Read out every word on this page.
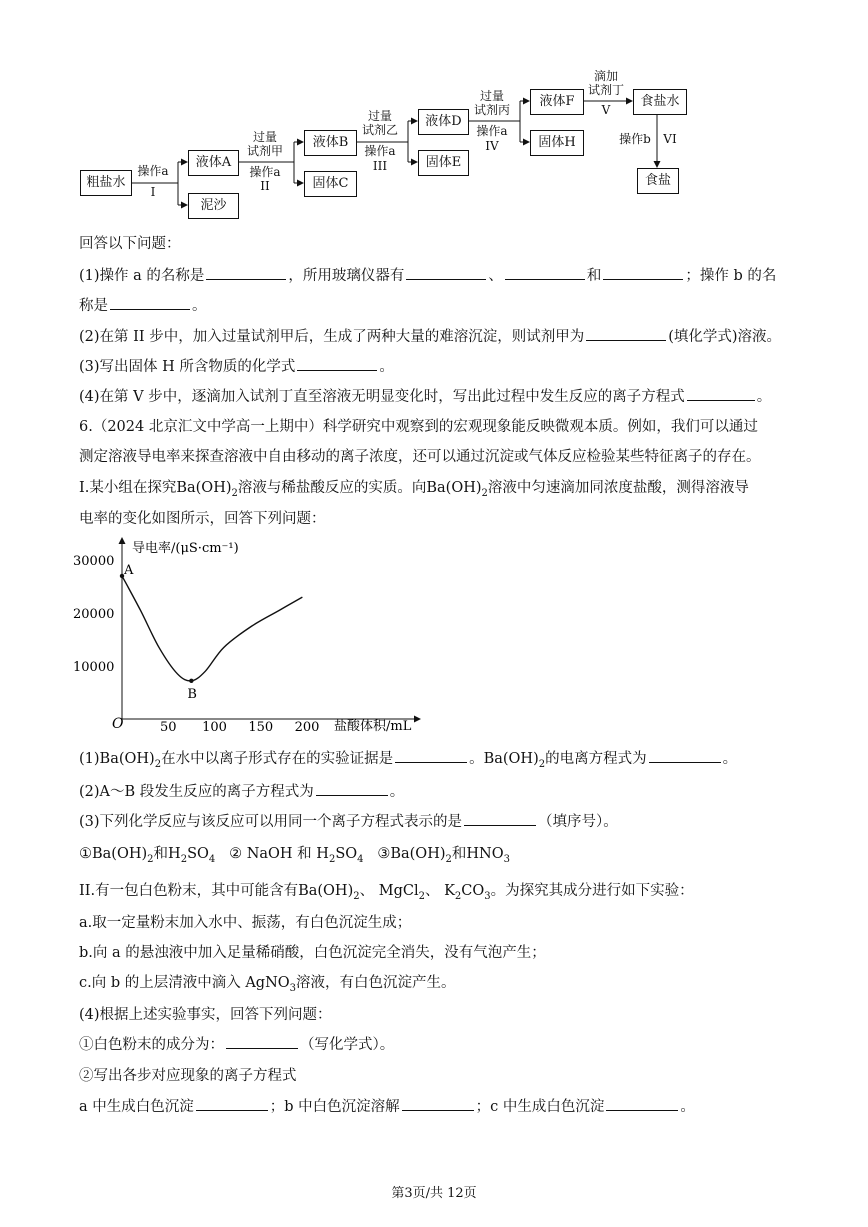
粗盐水
液体A
泥沙
液体B
固体C
液体D
固体E
液体F
固体H
食盐水
食盐
操作a
I
过量
试剂甲
操作a
II
过量
试剂乙
操作a
III
过量
试剂丙
操作a
IV
滴加
试剂丁
V
操作b VI
回答以下问题：
(1)操作 a 的名称是	，所用玻璃仪器有	、	和	；操作 b 的名
称是	。
(2)在第 II 步中，加入过量试剂甲后，生成了两种大量的难溶沉淀，则试剂甲为	(填化学式)溶液。
(3)写出固体 H 所含物质的化学式	。
(4)在第 V 步中，逐滴加入试剂丁直至溶液无明显变化时，写出此过程中发生反应的离子方程式	。
6.（2024 北京汇文中学高一上期中）科学研究中观察到的宏观现象能反映微观本质。例如，我们可以通过
测定溶液导电率来探查溶液中自由移动的离子浓度，还可以通过沉淀或气体反应检验某些特征离子的存在。
I.某小组在探究$Ba(OH)_2$溶液与稀盐酸反应的实质。向$Ba(OH)_2$溶液中匀速滴加同浓度盐酸，测得溶液导
电率的变化如图所示，回答下列问题：
10000
20000
30000
50 100 150 200
A
B
导电率/(μS·cm⁻¹)
盐酸体积/mL
O
$(1)Ba(OH)_2$在水中以离子形式存在的实验证据是	。$Ba(OH)_2$的电离方程式为	。
(2)A～B 段发生反应的离子方程式为	。
(3)下列化学反应与该反应可以用同一个离子方程式表示的是	（填序号）。
$①Ba(OH)_2$和$H_2SO_4$ ② NaOH 和 $H_2SO_4$ $③Ba(OH)_2$和$HNO_3$
II.有一包白色粉末，其中可能含有$Ba(OH)_2$、 MgCl$_2$、 $K_2CO_3$。为探究其成分进行如下实验：
a.取一定量粉末加入水中、振荡，有白色沉淀生成；
b.向 a 的悬浊液中加入足量稀硝酸，白色沉淀完全消失，没有气泡产生；
c.向 b 的上层清液中滴入 AgNO$_3$溶液，有白色沉淀产生。
(4)根据上述实验事实，回答下列问题：
①白色粉末的成分为：	（写化学式）。
②写出各步对应现象的离子方程式
a 中生成白色沉淀	；b 中白色沉淀溶解	；c 中生成白色沉淀	。
第3页/共 12页
